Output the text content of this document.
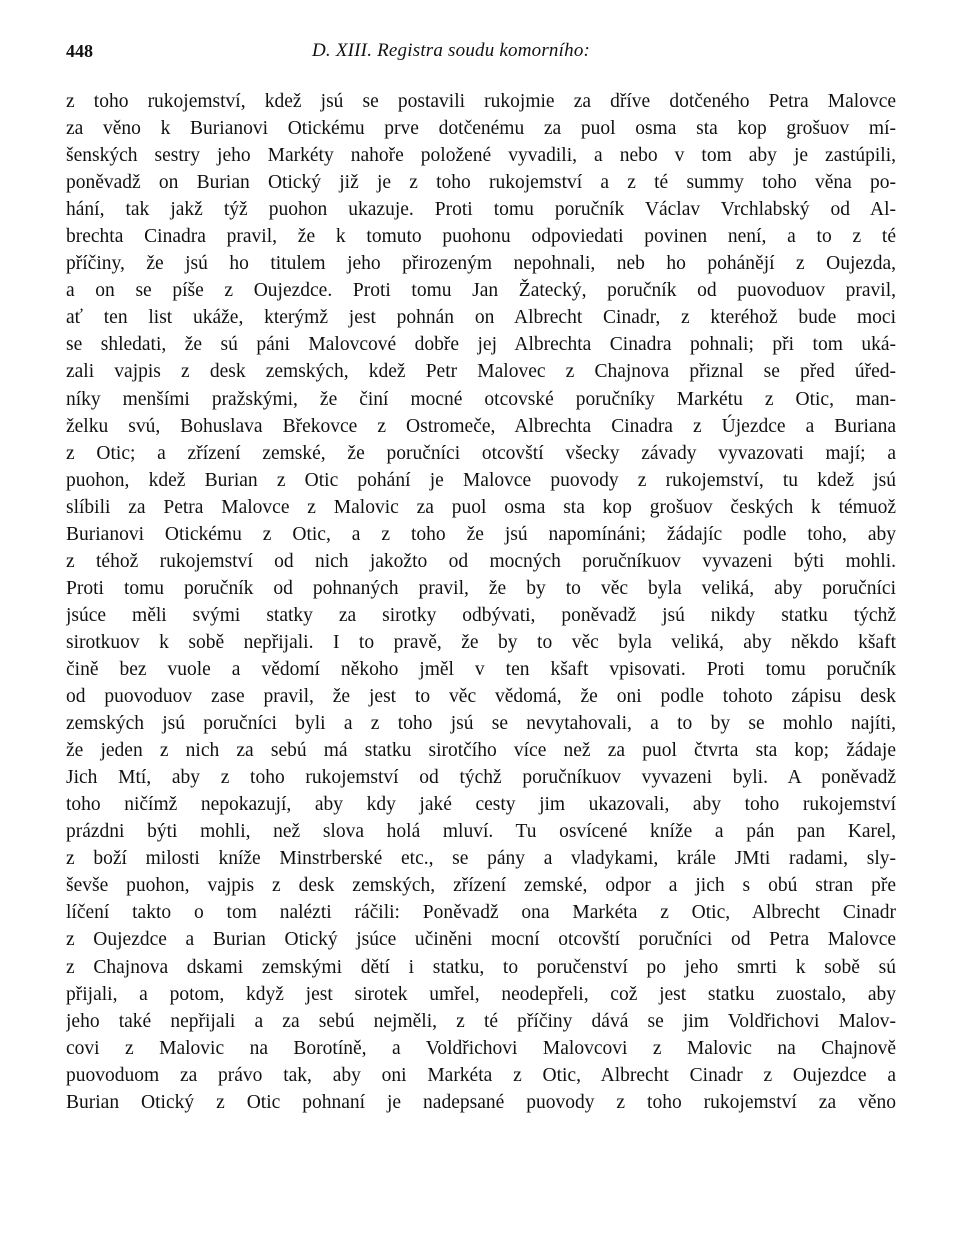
448	D. XIII. Registra soudu komorního:
z toho rukojemství, kdež jsú se postavili rukojmie za dříve dotčeného Petra Malovce
za věno k Burianovi Otickému prve dotčenému za puol osma sta kop grošuov mí-
šenských sestry jeho Markéty nahoře položené vyvadili, a nebo v tom aby je zastúpili,
poněvadž on Burian Otický již je z toho rukojemství a z té summy toho věna po-
hání, tak jakž týž puohon ukazuje. Proti tomu poručník Václav Vrchlabský od Al-
brechta Cinadra pravil, že k tomuto puohonu odpoviedati povinen není, a to z té
příčiny, že jsú ho titulem jeho přirozeným nepohnali, neb ho pohánějí z Oujezda,
a on se píše z Oujezdce. Proti tomu Jan Žatecký, poručník od puovoduov pravil,
ať ten list ukáže, kterýmž jest pohnán on Albrecht Cinadr, z kteréhož bude moci
se shledati, že sú páni Malovcové dobře jej Albrechta Cinadra pohnali; při tom uká-
zali vajpis z desk zemských, kdež Petr Malovec z Chajnova přiznal se před úřed-
níky menšími pražskými, že činí mocné otcovské poručníky Markétu z Otic, man-
želku svú, Bohuslava Břekovce z Ostromeče, Albrechta Cinadra z Újezdce a Buriana
z Otic; a zřízení zemské, že poručníci otcovští všecky závady vyvazovati mají; a
puohon, kdež Burian z Otic pohání je Malovce puovody z rukojemství, tu kdež jsú
slíbili za Petra Malovce z Malovic za puol osma sta kop grošuov českých k témuož
Burianovi Otickému z Otic, a z toho že jsú napomínáni; žádajíc podle toho, aby
z téhož rukojemství od nich jakožto od mocných poručníkuov vyvazeni býti mohli.
Proti tomu poručník od pohnaných pravil, že by to věc byla veliká, aby poručníci
jsúce měli svými statky za sirotky odbývati, poněvadž jsú nikdy statku týchž
sirotkuov k sobě nepřijali. I to pravě, že by to věc byla veliká, aby někdo kšaft
čině bez vuole a vědomí někoho jměl v ten kšaft vpisovati. Proti tomu poručník
od puovoduov zase pravil, že jest to věc vědomá, že oni podle tohoto zápisu desk
zemských jsú poručníci byli a z toho jsú se nevytahovali, a to by se mohlo najíti,
že jeden z nich za sebú má statku sirotčího více než za puol čtvrta sta kop; žádaje
Jich Mtí, aby z toho rukojemství od týchž poručníkuov vyvazeni byli. A poněvadž
toho ničímž nepokazují, aby kdy jaké cesty jim ukazovali, aby toho rukojemství
prázdni býti mohli, než slova holá mluví. Tu osvícené kníže a pán pan Karel,
z boží milosti kníže Minstrberské etc., se pány a vladykami, krále JMti radami, sly-
ševše puohon, vajpis z desk zemských, zřízení zemské, odpor a jich s obú stran pře
líčení takto o tom nalézti ráčili: Poněvadž ona Markéta z Otic, Albrecht Cinadr
z Oujezdce a Burian Otický jsúce učiněni mocní otcovští poručníci od Petra Malovce
z Chajnova dskami zemskými dětí i statku, to poručenství po jeho smrti k sobě sú
přijali, a potom, když jest sirotek umřel, neodepřeli, což jest statku zuostalo, aby
jeho také nepřijali a za sebú nejměli, z té příčiny dává se jim Voldřichovi Malov-
covi z Malovic na Borotíně, a Voldřichovi Malovcovi z Malovic na Chajnově
puovoduom za právo tak, aby oni Markéta z Otic, Albrecht Cinadr z Oujezdce a
Burian Otický z Otic pohnaní je nadepsané puovody z toho rukojemství za věno
